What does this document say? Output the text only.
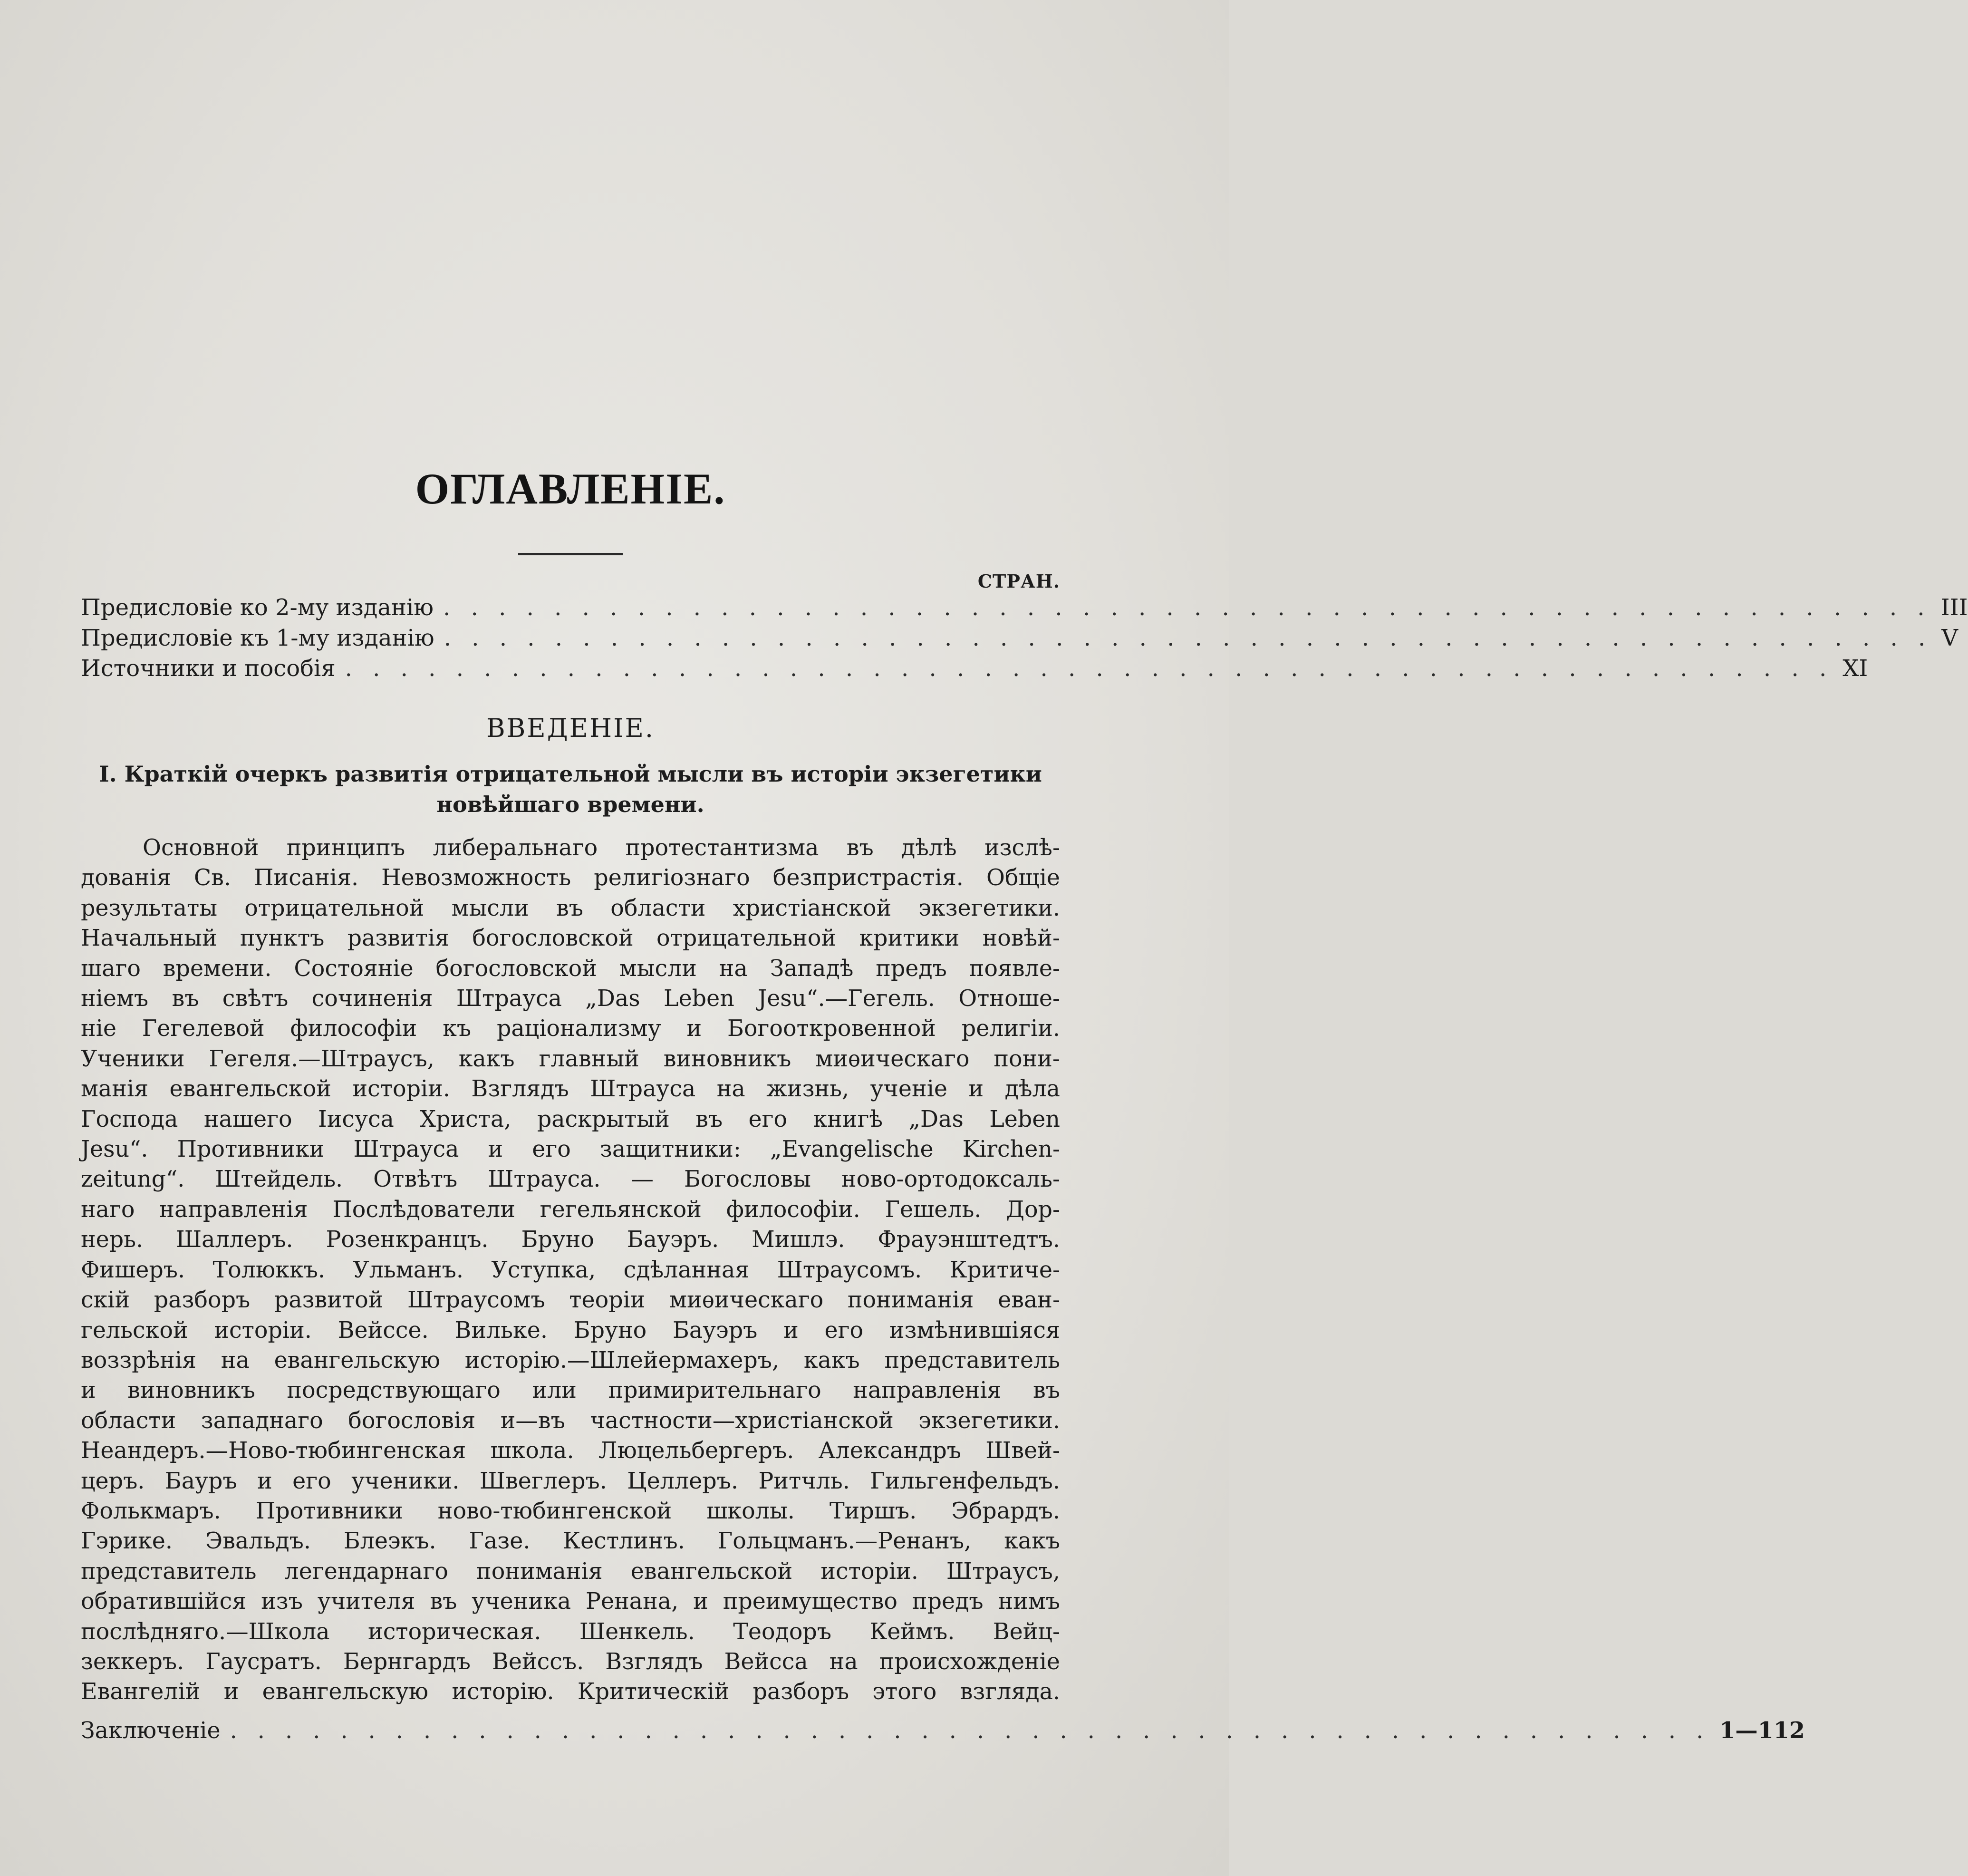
ОГЛАВЛЕНІЕ.
СТРАН.
Предисловіе ко 2-му изданію . . . . . . . . . . . . . . . . . . . . . . . . . . . . . . . . . . . . . . . . . . . . . . . . . . . . . . III
Предисловіе къ 1-му изданію . . . . . . . . . . . . . . . . . . . . . . . . . . . . . . . . . . . . . . . . . . . . . . . . . . . . . . V
Источники и пособія . . . . . . . . . . . . . . . . . . . . . . . . . . . . . . . . . . . . . . . . . . . . . . . . . . . . . . XI
ВВЕДЕНІЕ.
I. Краткій очеркъ развитія отрицательной мысли въ исторіи экзегетики
новѣйшаго времени.
Основной принципъ либеральнаго протестантизма въ дѣлѣ изслѣ-
дованія Св. Писанія. Невозможность религіознаго безпристрастія. Общіе
результаты отрицательной мысли въ области христіанской экзегетики.
Начальный пунктъ развитія богословской отрицательной критики новѣй-
шаго времени. Состояніе богословской мысли на Западѣ предъ появле-
ніемъ въ свѣтъ сочиненія Штрауса „Das Leben Jesu“.—Гегель. Отноше-
ніе Гегелевой философіи къ раціонализму и Богооткровенной религіи.
Ученики Гегеля.—Штраусъ, какъ главный виновникъ миѳическаго пони-
манія евангельской исторіи. Взглядъ Штрауса на жизнь, ученіе и дѣла
Господа нашего Іисуса Христа, раскрытый въ его книгѣ „Das Leben
Jesu“. Противники Штрауса и его защитники: „Evangelische Kirchen-
zeitung“. Штейдель. Отвѣтъ Штрауса. — Богословы ново-ортодоксаль-
наго направленія Послѣдователи гегельянской философіи. Гешель. Дор-
нерь. Шаллеръ. Розенкранцъ. Бруно Бауэръ. Мишлэ. Фрауэнштедтъ.
Фишеръ. Толюккъ. Ульманъ. Уступка, сдѣланная Штраусомъ. Критиче-
скій разборъ развитой Штраусомъ теоріи миѳическаго пониманія еван-
гельской исторіи. Вейссе. Вильке. Бруно Бауэръ и его измѣнившіяся
воззрѣнія на евангельскую исторію.—Шлейермахеръ, какъ представитель
и виновникъ посредствующаго или примирительнаго направленія въ
области западнаго богословія и—въ частности—христіанской экзегетики.
Неандеръ.—Ново-тюбингенская школа. Люцельбергеръ. Александръ Швей-
церъ. Бауръ и его ученики. Швеглеръ. Целлеръ. Ритчль. Гильгенфельдъ.
Фолькмаръ. Противники ново-тюбингенской школы. Тиршъ. Эбрардъ.
Гэрике. Эвальдъ. Блеэкъ. Газе. Кестлинъ. Гольцманъ.—Ренанъ, какъ
представитель легендарнаго пониманія евангельской исторіи. Штраусъ,
обратившійся изъ учителя въ ученика Ренана, и преимущество предъ нимъ
послѣдняго.—Школа историческая. Шенкель. Теодоръ Кеймъ. Вейц-
зеккеръ. Гаусратъ. Бернгардъ Вейссъ. Взглядъ Вейсса на происхожденіе
Евангелій и евангельскую исторію. Критическій разборъ этого взгляда.
Заключеніе . . . . . . . . . . . . . . . . . . . . . . . . . . . . . . . . . . . . . . . . . . . . . . . . . . . . . . 1—112
